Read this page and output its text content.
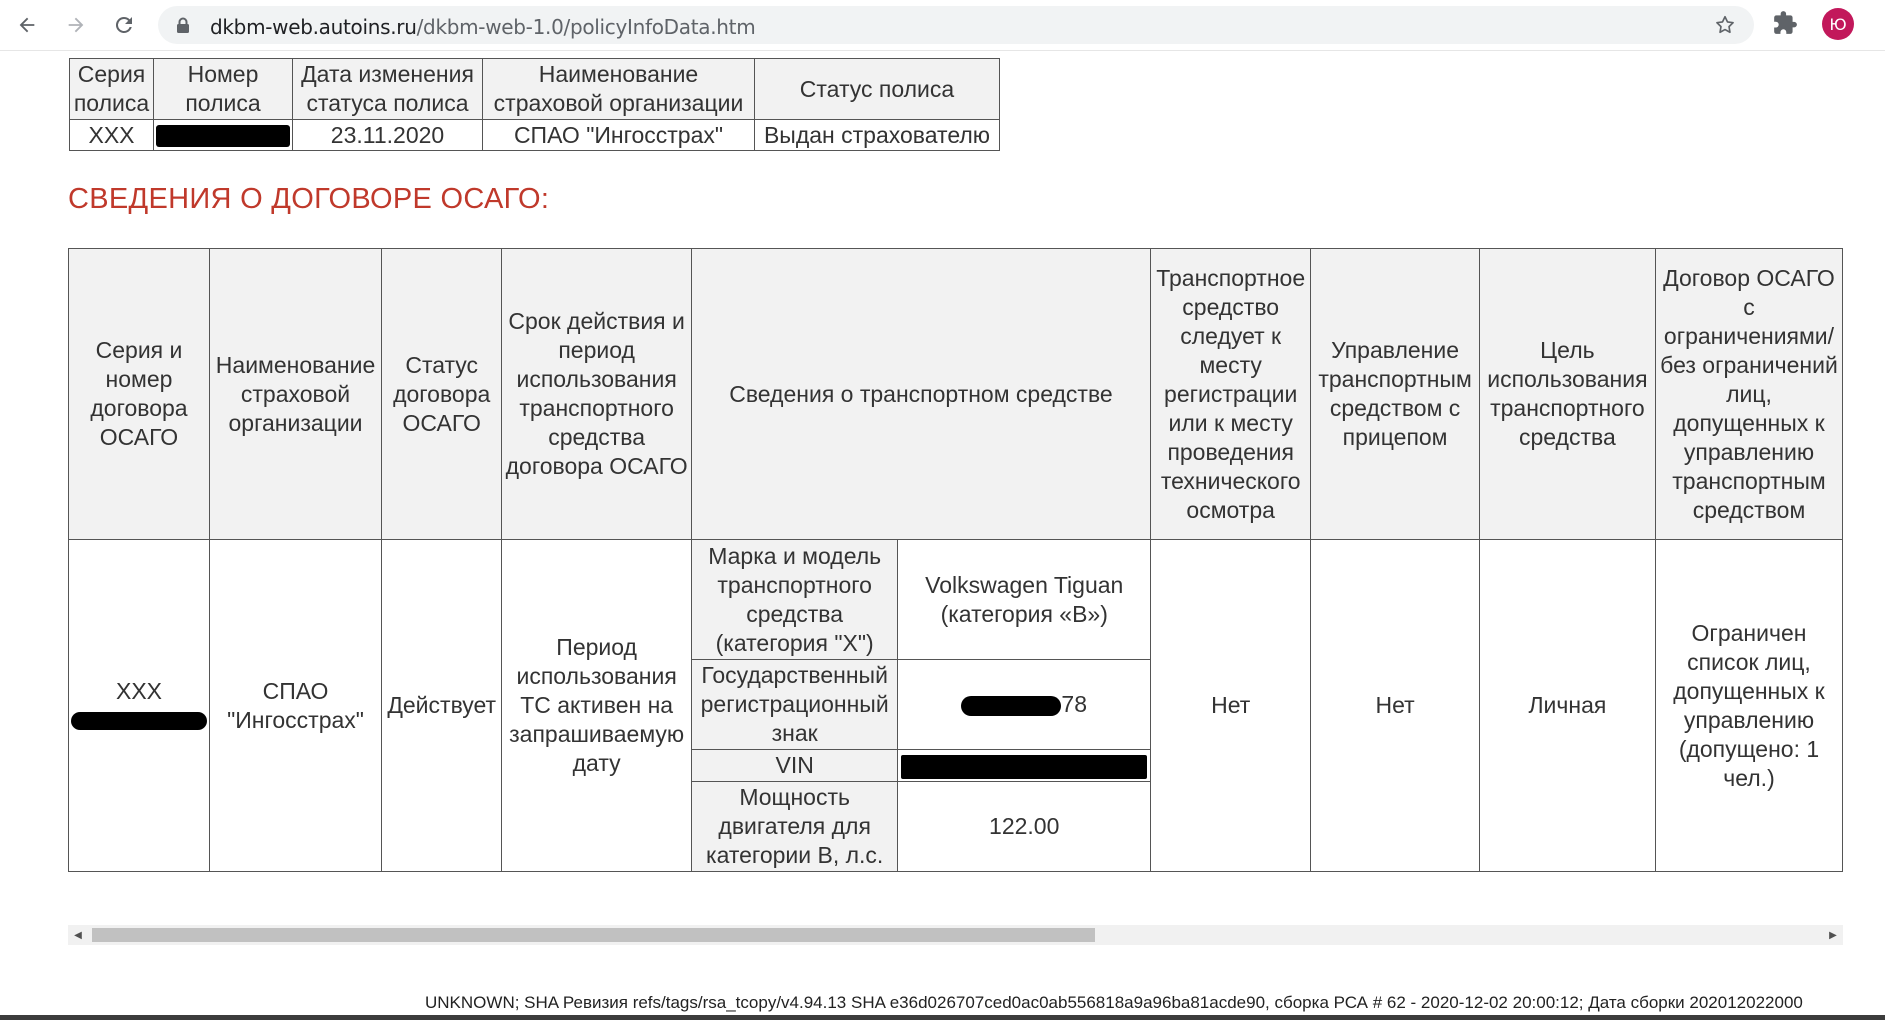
dkbm-web.autoins.ru/dkbm-web-1.0/policyInfoData.htm	Ю
Серия полиса	Номер полиса	Дата изменения статуса полиса	Наименование страховой организации	Статус полиса
ХХХ		23.11.2020	СПАО "Ингосстрах"	Выдан страхователю
СВЕДЕНИЯ О ДОГОВОРЕ ОСАГО:
Серия и номер договора ОСАГО	Наименование страховой организации	Статус договора ОСАГО	Срок действия и период использования транспортного средства договора ОСАГО	Сведения о транспортном средстве		Транспортное средство следует к месту регистрации или к месту проведения технического осмотра	Управление транспортным средством с прицепом	Цель использования транспортного средства	Договор ОСАГО с ограничениями/без ограничений лиц, допущенных к управлению транспортным средством

ХХХ	СПАО "Ингосстрах"	Действует	Период использования ТС активен на запрашиваемую дату	Марка и модель транспортного средства (категория "Х")	Volkswagen Tiguan (категория «B»)	Нет	Нет	Личная	Ограничен список лиц, допущенных к управлению (допущено: 1 чел.)
				Государственный регистрационный знак	78				
				VIN					
				Мощность двигателя для категории B, л.с.	122.00				
◀	▶
UNKNOWN; SHA Ревизия refs/tags/rsa_tcopy/v4.94.13 SHA e36d026707ced0ac0ab556818a9a96ba81acde90, сборка РСА # 62 - 2020-12-02 20:00:12; Дата сборки 202012022000
